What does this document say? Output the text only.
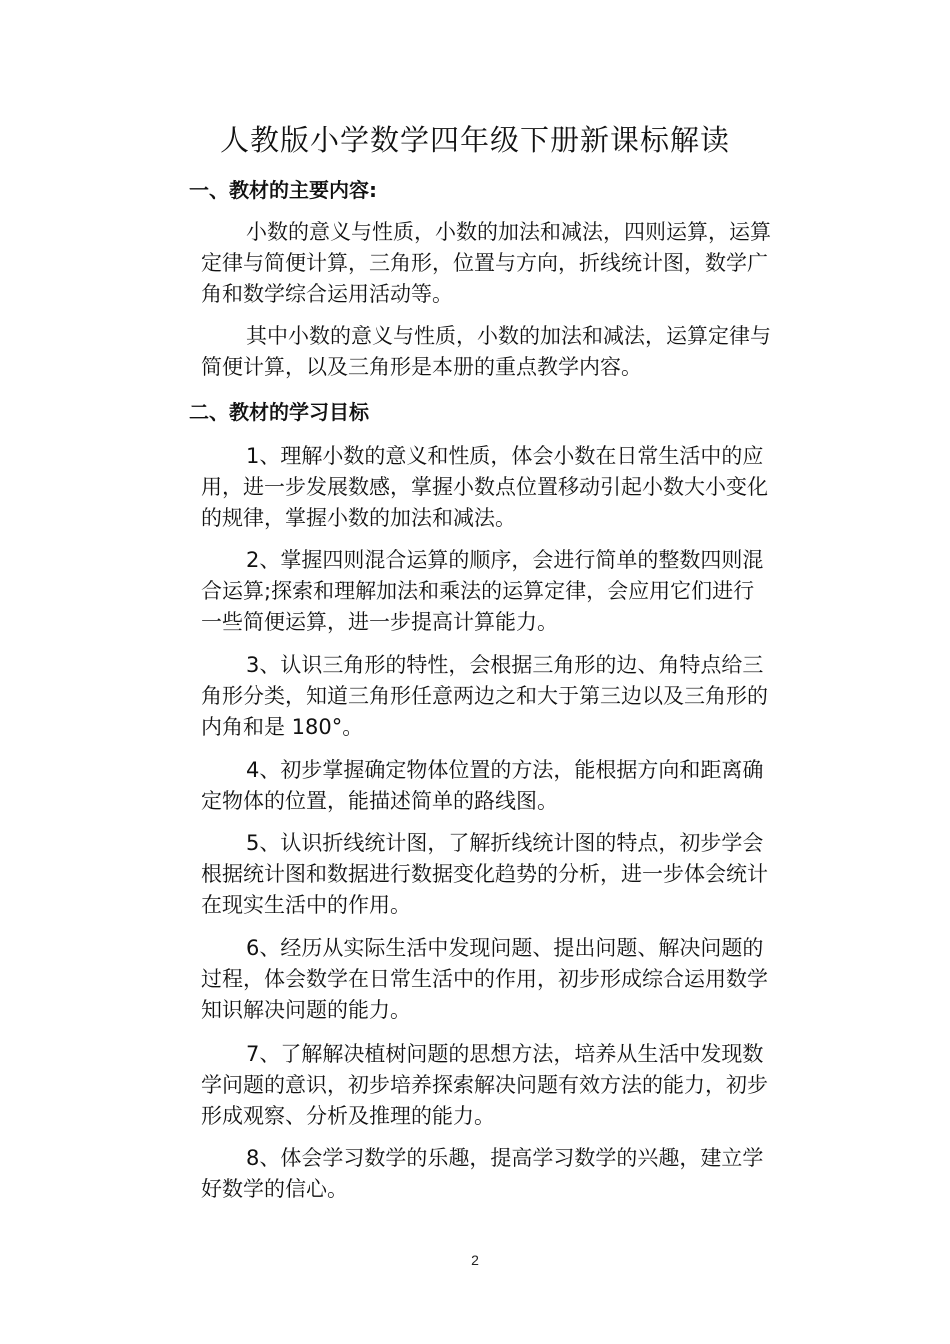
人教版小学数学四年级下册新课标解读
一、教材的主要内容:
小数的意义与性质，小数的加法和减法，四则运算，运算
定律与简便计算，三角形，位置与方向，折线统计图，数学广
角和数学综合运用活动等。
其中小数的意义与性质，小数的加法和减法，运算定律与
简便计算，以及三角形是本册的重点教学内容。
二、教材的学习目标
1、理解小数的意义和性质，体会小数在日常生活中的应
用，进一步发展数感，掌握小数点位置移动引起小数大小变化
的规律，掌握小数的加法和减法。
2、掌握四则混合运算的顺序，会进行简单的整数四则混
合运算;探索和理解加法和乘法的运算定律，会应用它们进行
一些简便运算，进一步提高计算能力。
3、认识三角形的特性，会根据三角形的边、角特点给三
角形分类，知道三角形任意两边之和大于第三边以及三角形的
内角和是 180°。
4、初步掌握确定物体位置的方法，能根据方向和距离确
定物体的位置，能描述简单的路线图。
5、认识折线统计图，了解折线统计图的特点，初步学会
根据统计图和数据进行数据变化趋势的分析，进一步体会统计
在现实生活中的作用。
6、经历从实际生活中发现问题、提出问题、解决问题的
过程，体会数学在日常生活中的作用，初步形成综合运用数学
知识解决问题的能力。
7、了解解决植树问题的思想方法，培养从生活中发现数
学问题的意识，初步培养探索解决问题有效方法的能力，初步
形成观察、分析及推理的能力。
8、体会学习数学的乐趣，提高学习数学的兴趣，建立学
好数学的信心。
2
